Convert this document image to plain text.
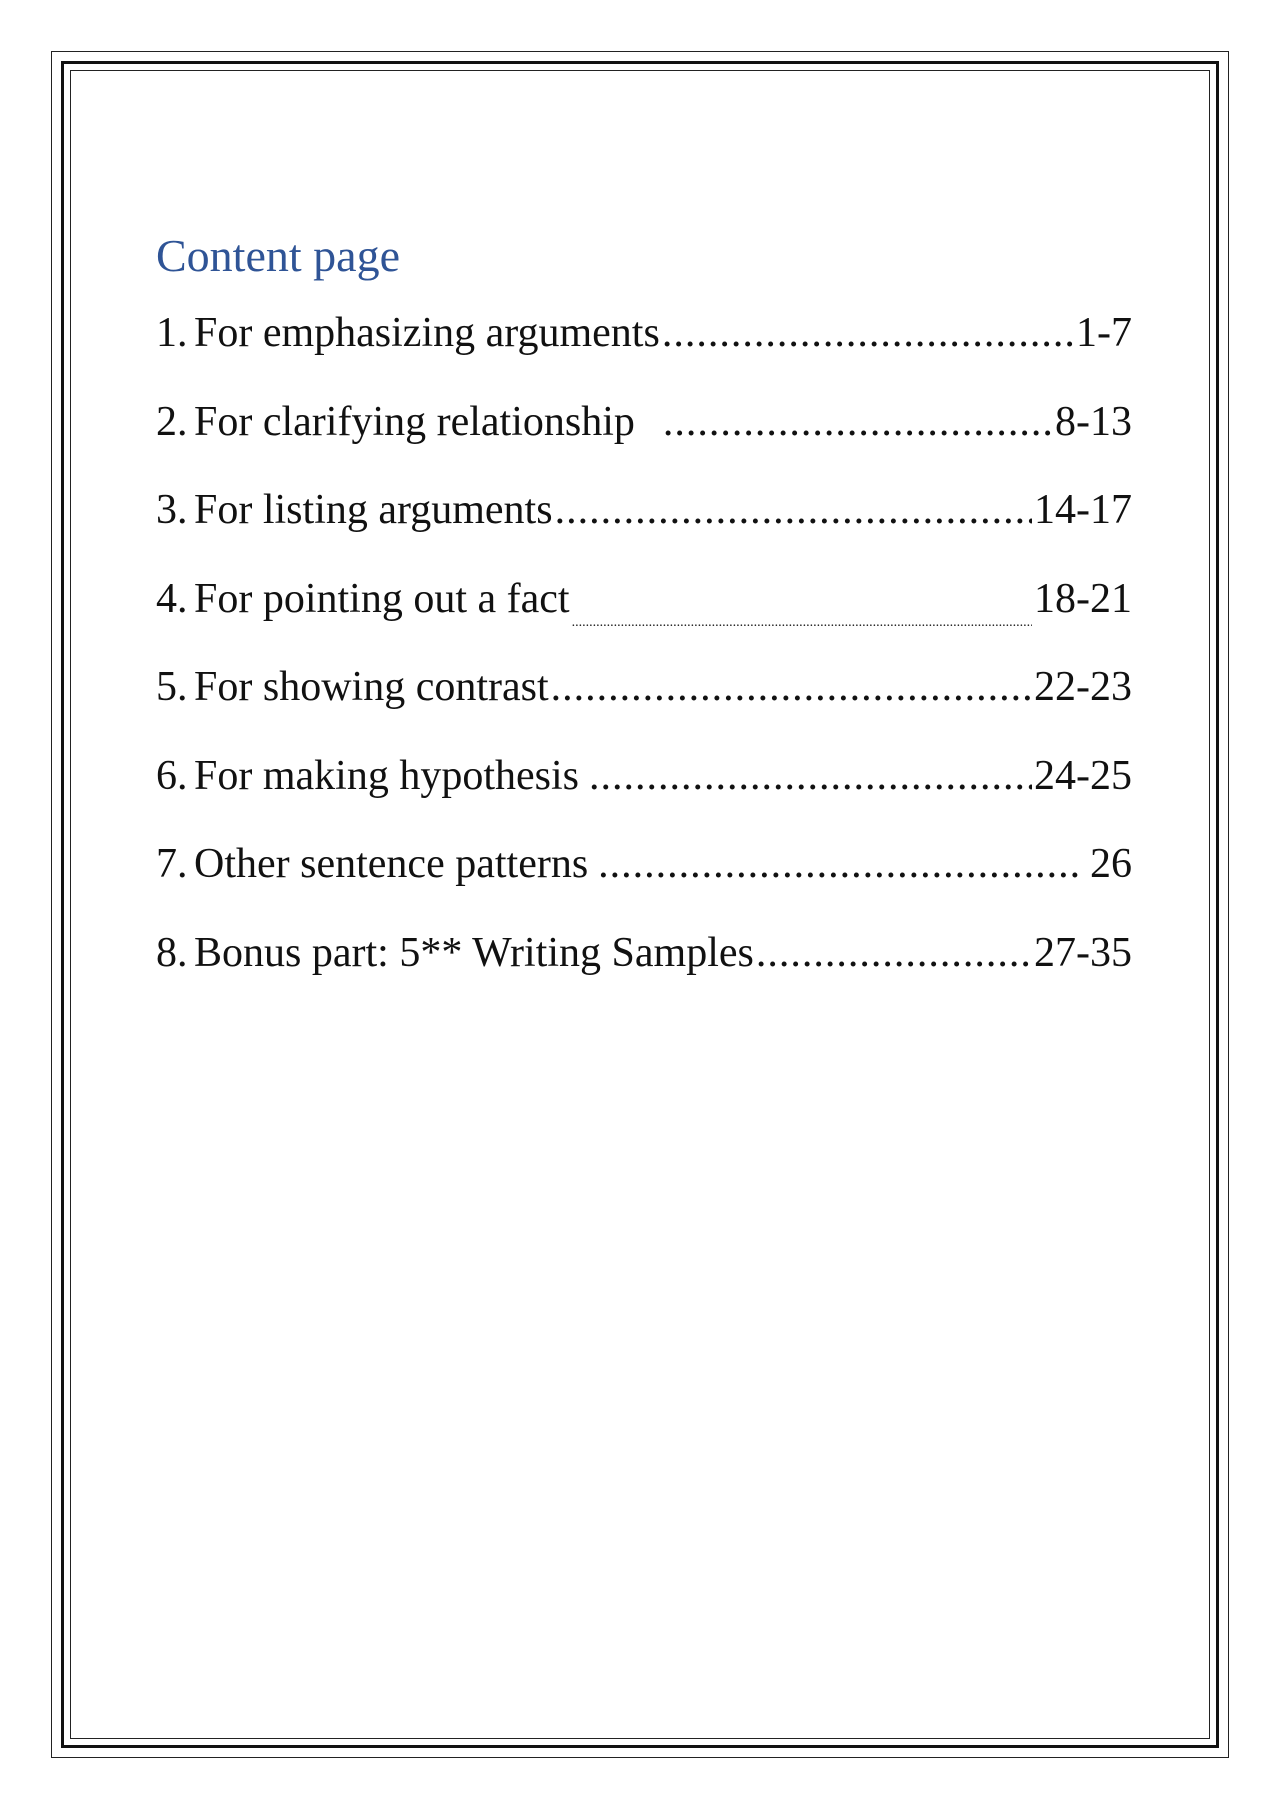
Content page
1. For emphasizing arguments .....	1-7
2. For clarifying relationship .....	8-13
3. For listing arguments .....	14-17
4. For pointing out a fact .....	18-21
5. For showing contrast .....	22-23
6. For making hypothesis .....	24-25
7. Other sentence patterns .....	26
8. Bonus part: 5** Writing Samples .....	27-35
